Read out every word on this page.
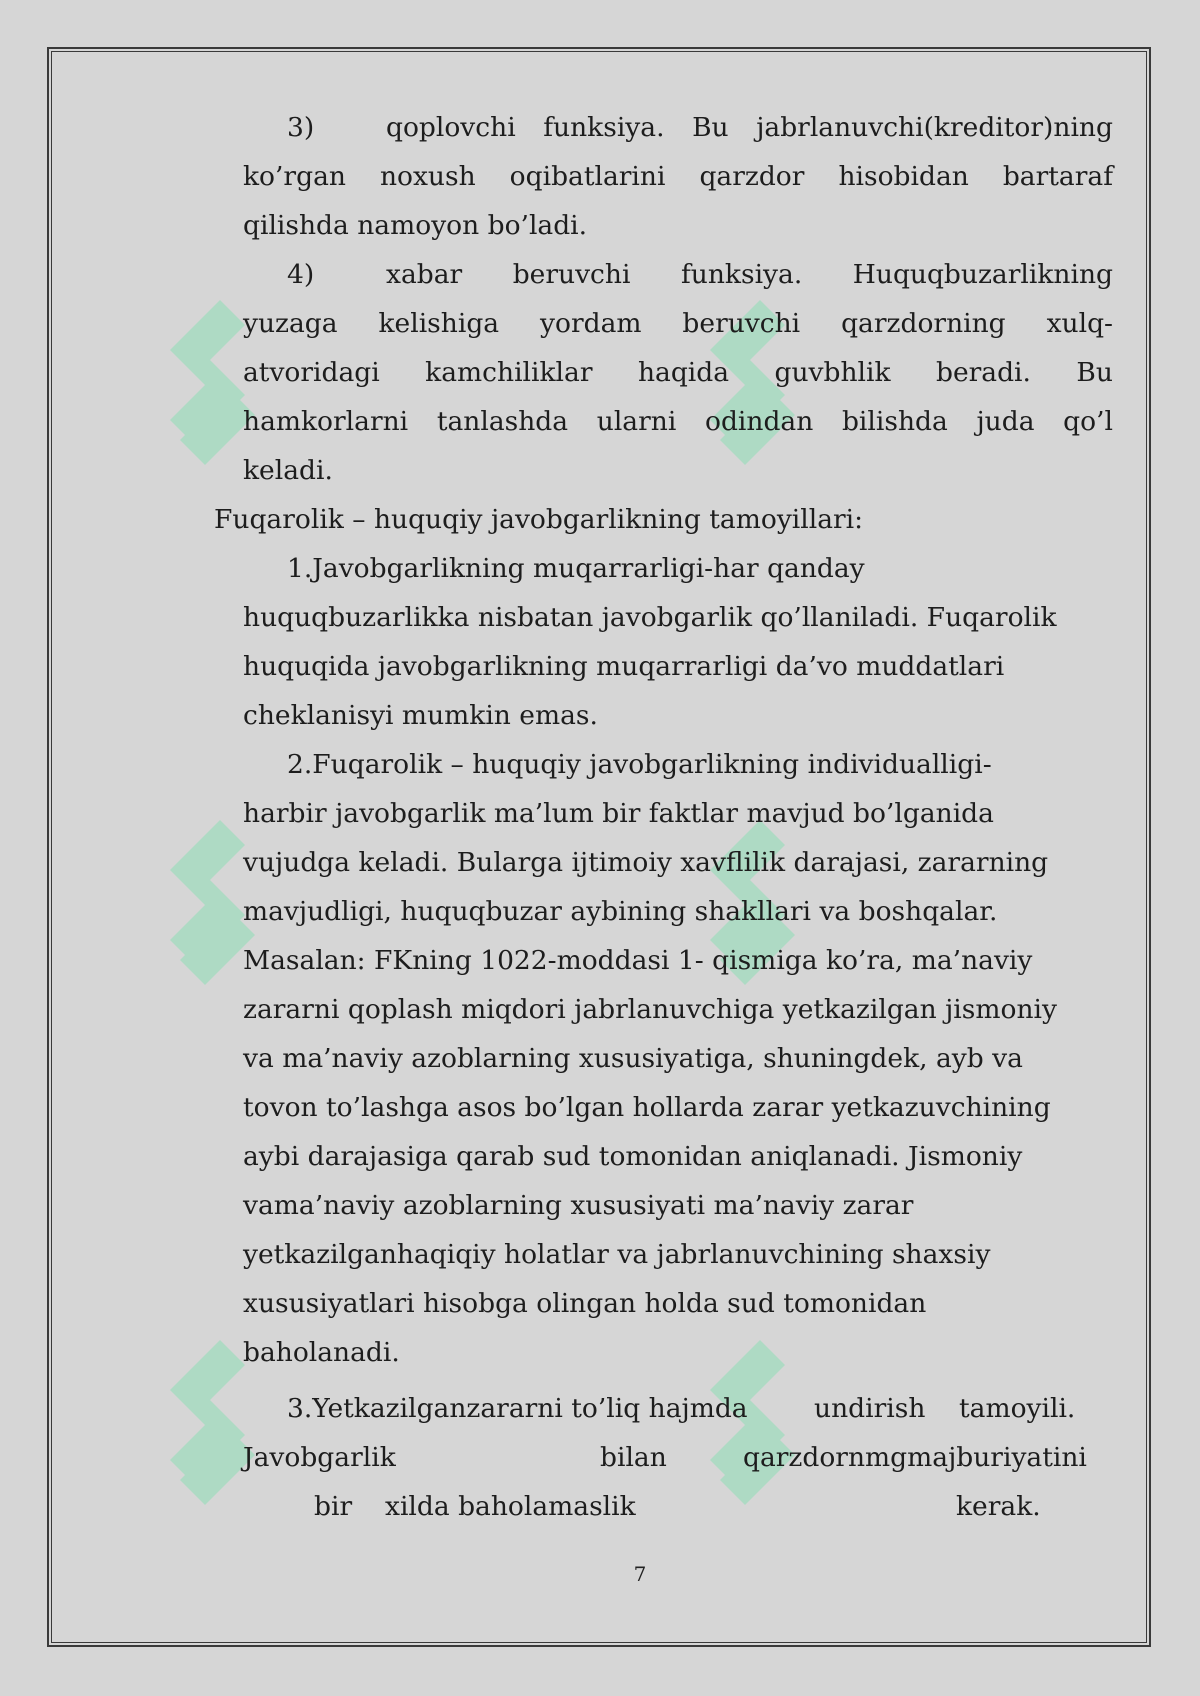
3)	qoplovchi funksiya. Bu jabrlanuvchi(kreditor)ning
ko’rgan noxush oqibatlarini qarzdor hisobidan bartaraf
qilishda namoyon bo’ladi.
4)	xabar beruvchi funksiya. Huquqbuzarlikning
yuzaga kelishiga yordam beruvchi qarzdorning xulq-
atvoridagi kamchiliklar haqida guvbhlik beradi. Bu
hamkorlarni tanlashda ularni odindan bilishda juda qo’l
keladi.
Fuqarolik – huquqiy javobgarlikning tamoyillari:
1.Javobgarlikning muqarrarligi-har qanday
huquqbuzarlikka nisbatan javobgarlik qo’llaniladi. Fuqarolik
huquqida javobgarlikning muqarrarligi da’vo muddatlari
cheklanisyi mumkin emas.
2.Fuqarolik – huquqiy javobgarlikning individualligi-
harbir javobgarlik ma’lum bir faktlar mavjud bo’lganida
vujudga keladi. Bularga ijtimoiy xavflilik darajasi, zararning
mavjudligi, huquqbuzar aybining shakllari va boshqalar.
Masalan: FKning 1022-moddasi 1- qismiga ko’ra, ma’naviy
zararni qoplash miqdori jabrlanuvchiga yetkazilgan jismoniy
va ma’naviy azoblarning xususiyatiga, shuningdek, ayb va
tovon to’lashga asos bo’lgan hollarda zarar yetkazuvchining
aybi darajasiga qarab sud tomonidan aniqlanadi. Jismoniy
vama’naviy azoblarning xususiyati ma’naviy zarar
yetkazilganhaqiqiy holatlar va jabrlanuvchining shaxsiy
xususiyatlari hisobga olingan holda sud tomonidan
baholanadi.
3.Yetkazilganzararni to’liq hajmda	undirish tamoyili.
Javobgarlik	bilan	qarzdornmgmajburiyatini
bir xilda baholamaslik	kerak.
7
